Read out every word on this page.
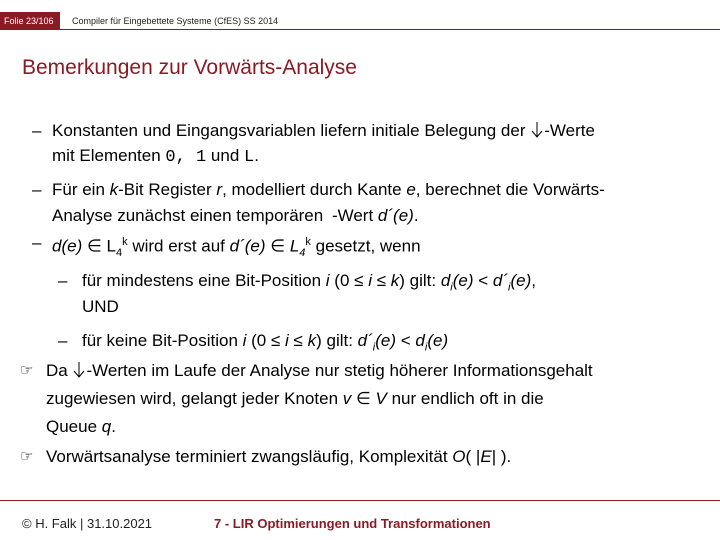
Folie 23/106	Compiler für Eingebettete Systeme (CfES) SS 2014
Bemerkungen zur Vorwärts-Analyse
– Konstanten und Eingangsvariablen liefern initiale Belegung der -Werte
mit Elementen 0, 1 und L.
– Für ein k-Bit Register r, modelliert durch Kante e, berechnet die Vorwärts-
Analyse zunächst einen temporären -Wert d´(e).
– d(e) ∈ $L_4^k$ wird erst auf d´(e) ∈ $L_4^k$ gesetzt, wenn
– für mindestens eine Bit-Position i (0 ≤ i ≤ k) gilt: $d_i(e)$ < $d´_i(e)$,
UND
– für keine Bit-Position i (0 ≤ i ≤ k) gilt: $d´_i(e) < d_i(e)$
☞ Da -Werten im Laufe der Analyse nur stetig höherer Informationsgehalt
zugewiesen wird, gelangt jeder Knoten v ∈ V nur endlich oft in die
Queue q.
☞ Vorwärtsanalyse terminiert zwangsläufig, Komplexität O( |E| ).
© H. Falk | 31.10.2021	7 - LIR Optimierungen und Transformationen
